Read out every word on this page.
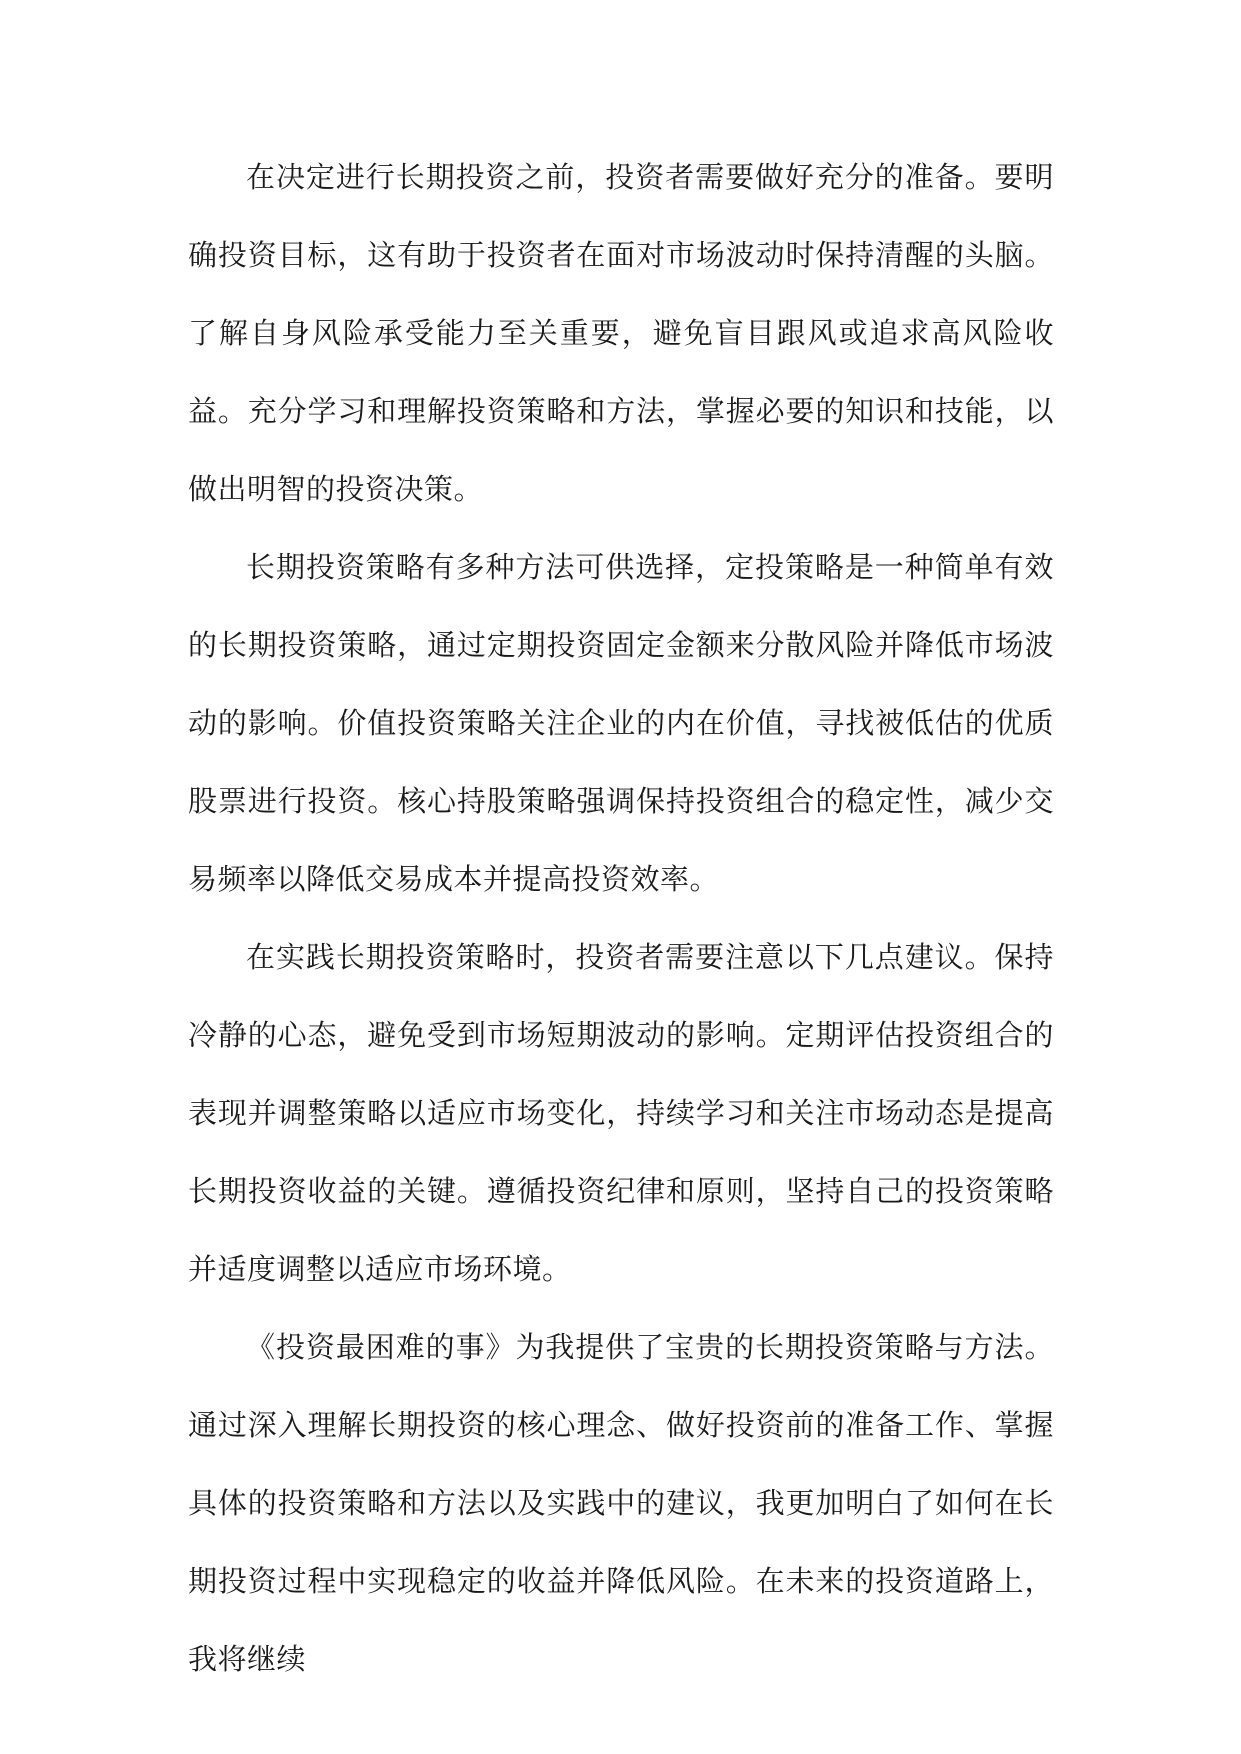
在决定进行长期投资之前，投资者需要做好充分的准备。要明确投资目标，这有助于投资者在面对市场波动时保持清醒的头脑。了解自身风险承受能力至关重要，避免盲目跟风或追求高风险收益。充分学习和理解投资策略和方法，掌握必要的知识和技能，以做出明智的投资决策。

长期投资策略有多种方法可供选择，定投策略是一种简单有效的长期投资策略，通过定期投资固定金额来分散风险并降低市场波动的影响。价值投资策略关注企业的内在价值，寻找被低估的优质股票进行投资。核心持股策略强调保持投资组合的稳定性，减少交易频率以降低交易成本并提高投资效率。

在实践长期投资策略时，投资者需要注意以下几点建议。保持冷静的心态，避免受到市场短期波动的影响。定期评估投资组合的表现并调整策略以适应市场变化，持续学习和关注市场动态是提高长期投资收益的关键。遵循投资纪律和原则，坚持自己的投资策略并适度调整以适应市场环境。

《投资最困难的事》为我提供了宝贵的长期投资策略与方法。通过深入理解长期投资的核心理念、做好投资前的准备工作、掌握具体的投资策略和方法以及实践中的建议，我更加明白了如何在长期投资过程中实现稳定的收益并降低风险。在未来的投资道路上，我将继续
